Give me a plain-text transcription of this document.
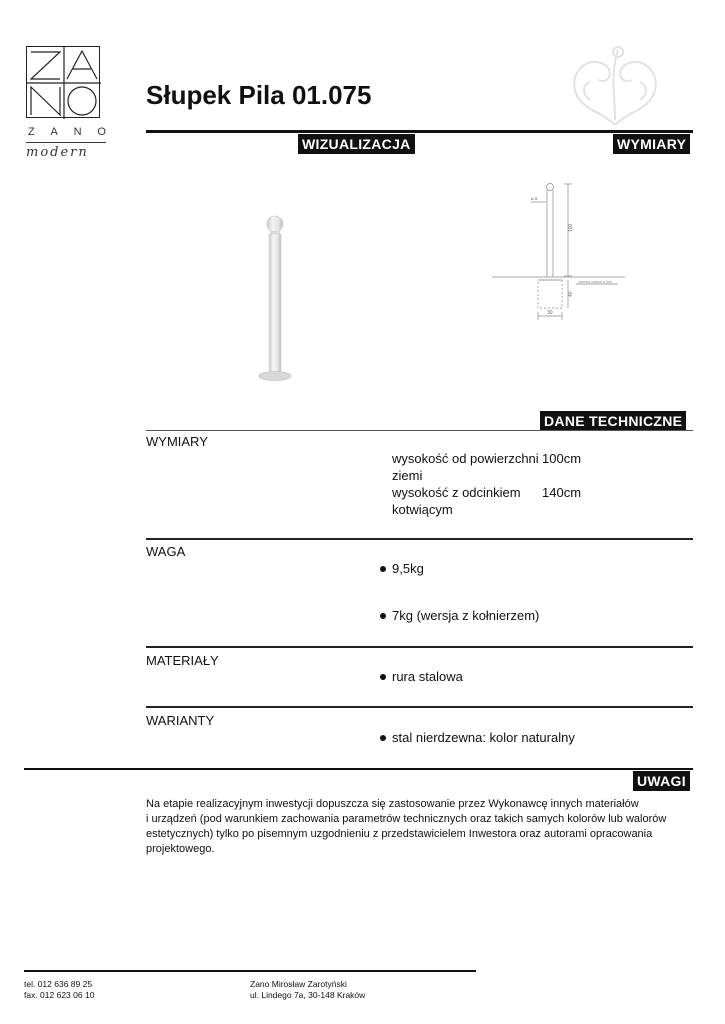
Z A N O
modern
Słupek Pila 01.075
WIZUALIZACJA	WYMIARY
⌀ 6
100
40
30
rozmiary podane w [cm]
DANE TECHNICZNE
WYMIARY
wysokość od powierzchni ziemi
100cm
wysokość z odcinkiem kotwiącym
140cm
WAGA
9,5kg
7kg (wersja z kołnierzem)
MATERIAŁY
rura stalowa
WARIANTY
stal nierdzewna: kolor naturalny
UWAGI
Na etapie realizacyjnym inwestycji dopuszcza się zastosowanie przez Wykonawcę innych materiałów
i urządzeń (pod warunkiem zachowania parametrów technicznych oraz takich samych kolorów lub walorów
estetycznych) tylko po pisemnym uzgodnieniu z przedstawicielem Inwestora oraz autorami opracowania
projektowego.
tel. 012 636 89 25
fax. 012 623 06 10
Zano Mirosław Zarotyński
ul. Lindego 7a, 30-148 Kraków
